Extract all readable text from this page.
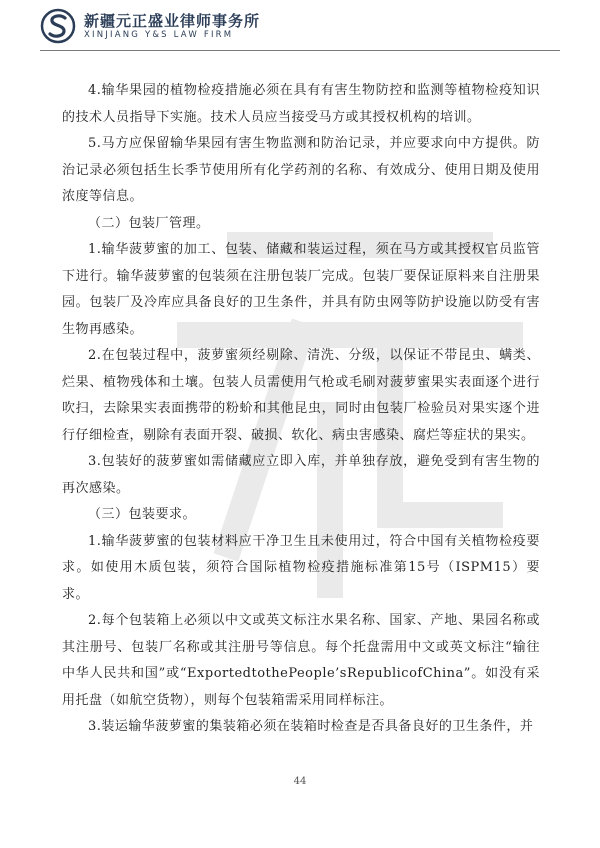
新疆元正盛业律师事务所
XINJIANG Y&S LAW FIRM

4.输华果园的植物检疫措施必须在具有有害生物防控和监测等植物检疫知识的技术人员指导下实施。技术人员应当接受马方或其授权机构的培训。

5.马方应保留输华果园有害生物监测和防治记录，并应要求向中方提供。防治记录必须包括生长季节使用所有化学药剂的名称、有效成分、使用日期及使用浓度等信息。

（二）包装厂管理。

1.输华菠萝蜜的加工、包装、储藏和装运过程，须在马方或其授权官员监管下进行。输华菠萝蜜的包装须在注册包装厂完成。包装厂要保证原料来自注册果园。包装厂及冷库应具备良好的卫生条件，并具有防虫网等防护设施以防受有害生物再感染。

2.在包装过程中，菠萝蜜须经剔除、清洗、分级，以保证不带昆虫、螨类、烂果、植物残体和土壤。包装人员需使用气枪或毛刷对菠萝蜜果实表面逐个进行吹扫，去除果实表面携带的粉蚧和其他昆虫，同时由包装厂检验员对果实逐个进行仔细检查，剔除有表面开裂、破损、软化、病虫害感染、腐烂等症状的果实。

3.包装好的菠萝蜜如需储藏应立即入库，并单独存放，避免受到有害生物的再次感染。

（三）包装要求。

1.输华菠萝蜜的包装材料应干净卫生且未使用过，符合中国有关植物检疫要求。如使用木质包装，须符合国际植物检疫措施标准第15号（ISPM15）要求。

2.每个包装箱上必须以中文或英文标注水果名称、国家、产地、果园名称或其注册号、包装厂名称或其注册号等信息。每个托盘需用中文或英文标注“输往中华人民共和国”或“ExportedtothePeople’sRepublicofChina”。如没有采用托盘（如航空货物），则每个包装箱需采用同样标注。

3.装运输华菠萝蜜的集装箱必须在装箱时检查是否具备良好的卫生条件，并

44
